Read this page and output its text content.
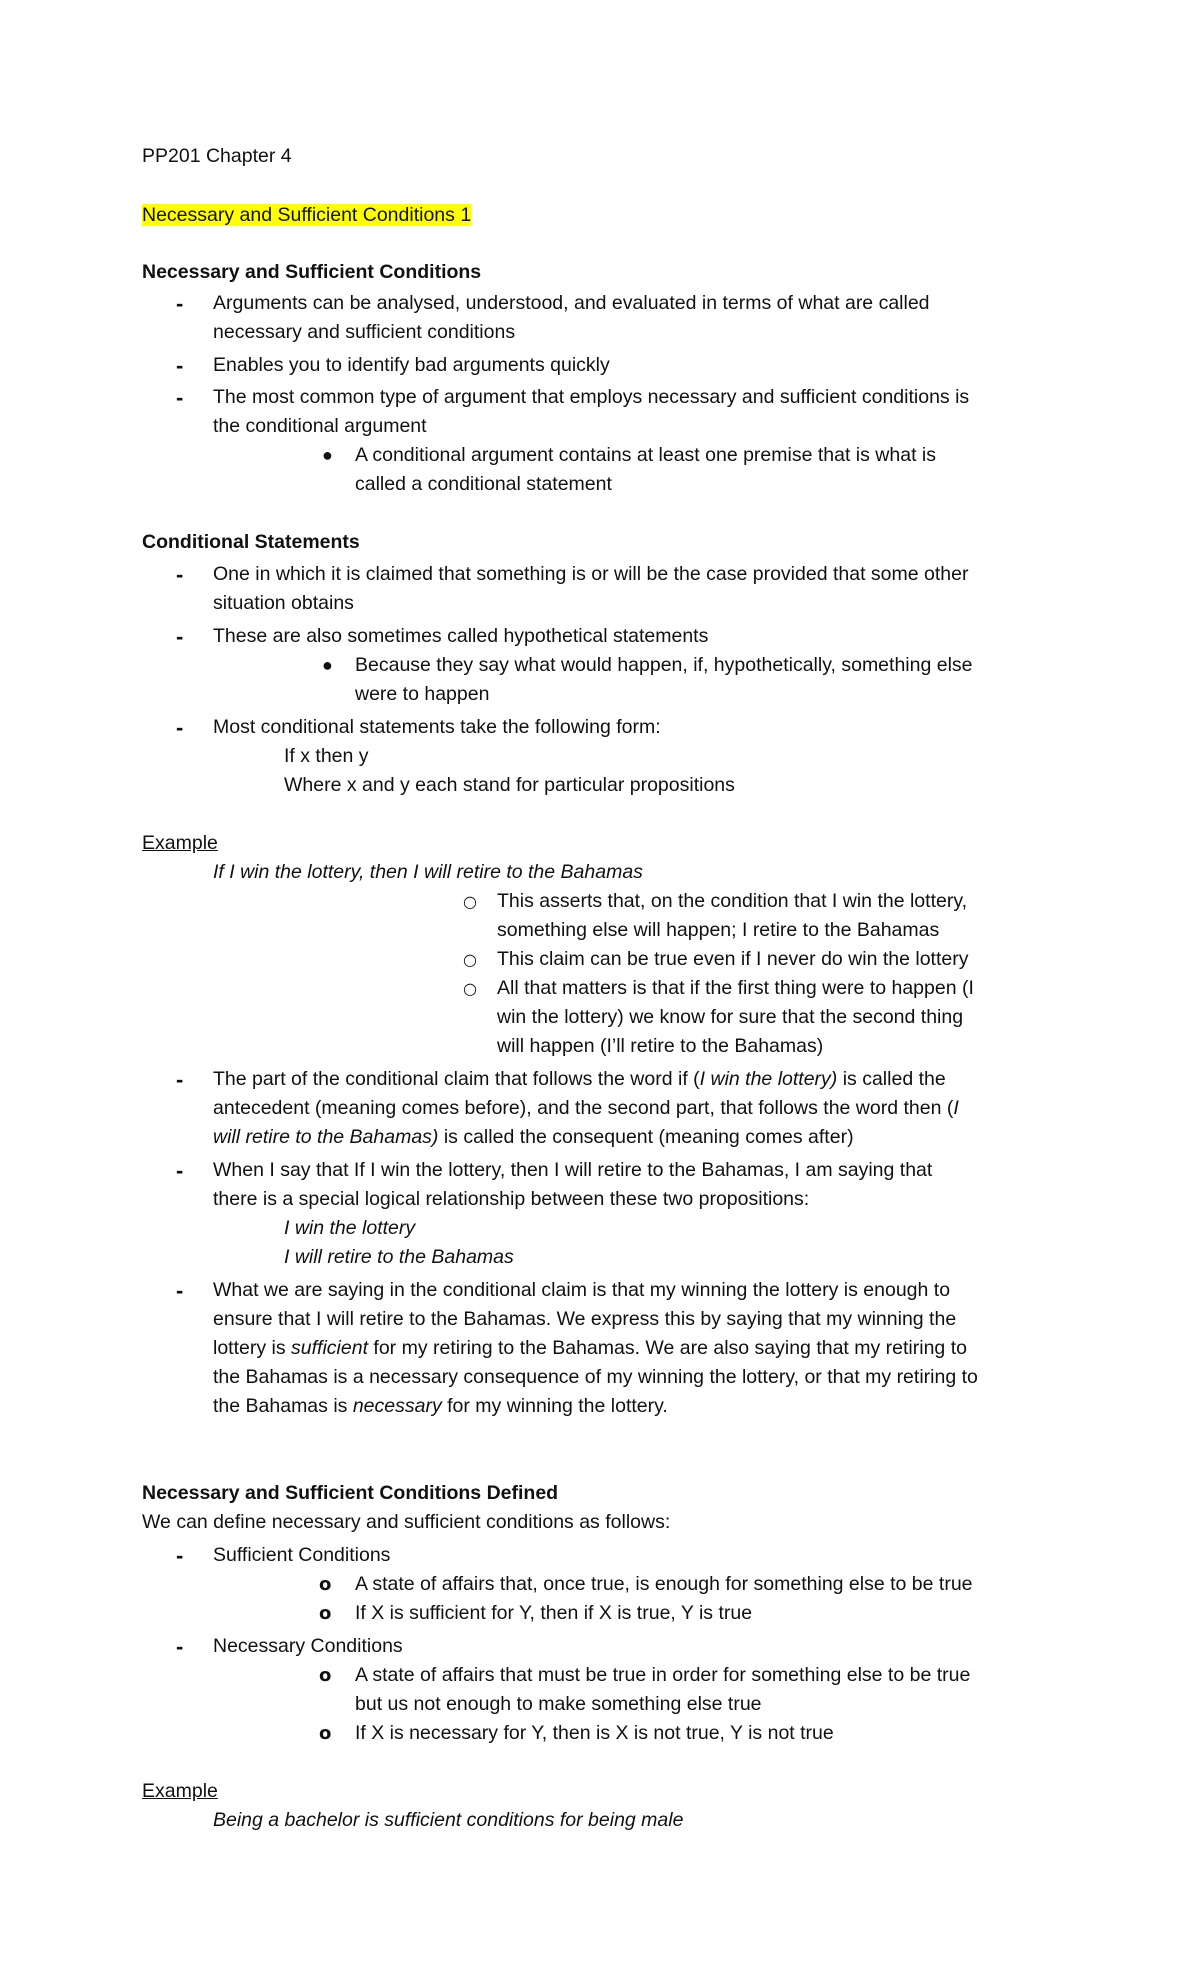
PP201 Chapter 4
Necessary and Sufficient Conditions 1
Necessary and Sufficient Conditions
- Arguments can be analysed, understood, and evaluated in terms of what are called
necessary and sufficient conditions
- Enables you to identify bad arguments quickly
- The most common type of argument that employs necessary and sufficient conditions is
the conditional argument
● A conditional argument contains at least one premise that is what is
called a conditional statement
Conditional Statements
- One in which it is claimed that something is or will be the case provided that some other
situation obtains
- These are also sometimes called hypothetical statements
● Because they say what would happen, if, hypothetically, something else
were to happen
- Most conditional statements take the following form:
If x then y
Where x and y each stand for particular propositions
Example
If I win the lottery, then I will retire to the Bahamas
○ This asserts that, on the condition that I win the lottery,
something else will happen; I retire to the Bahamas
○ This claim can be true even if I never do win the lottery
○ All that matters is that if the first thing were to happen (I
win the lottery) we know for sure that the second thing
will happen (I’ll retire to the Bahamas)
- The part of the conditional claim that follows the word if (I win the lottery) is called the
antecedent (meaning comes before), and the second part, that follows the word then (I
will retire to the Bahamas) is called the consequent (meaning comes after)
- When I say that If I win the lottery, then I will retire to the Bahamas, I am saying that
there is a special logical relationship between these two propositions:
I win the lottery
I will retire to the Bahamas
- What we are saying in the conditional claim is that my winning the lottery is enough to
ensure that I will retire to the Bahamas. We express this by saying that my winning the
lottery is sufficient for my retiring to the Bahamas. We are also saying that my retiring to
the Bahamas is a necessary consequence of my winning the lottery, or that my retiring to
the Bahamas is necessary for my winning the lottery.
Necessary and Sufficient Conditions Defined
We can define necessary and sufficient conditions as follows:
- Sufficient Conditions
o A state of affairs that, once true, is enough for something else to be true
o If X is sufficient for Y, then if X is true, Y is true
- Necessary Conditions
o A state of affairs that must be true in order for something else to be true
but us not enough to make something else true
o If X is necessary for Y, then is X is not true, Y is not true
Example
Being a bachelor is sufficient conditions for being male
